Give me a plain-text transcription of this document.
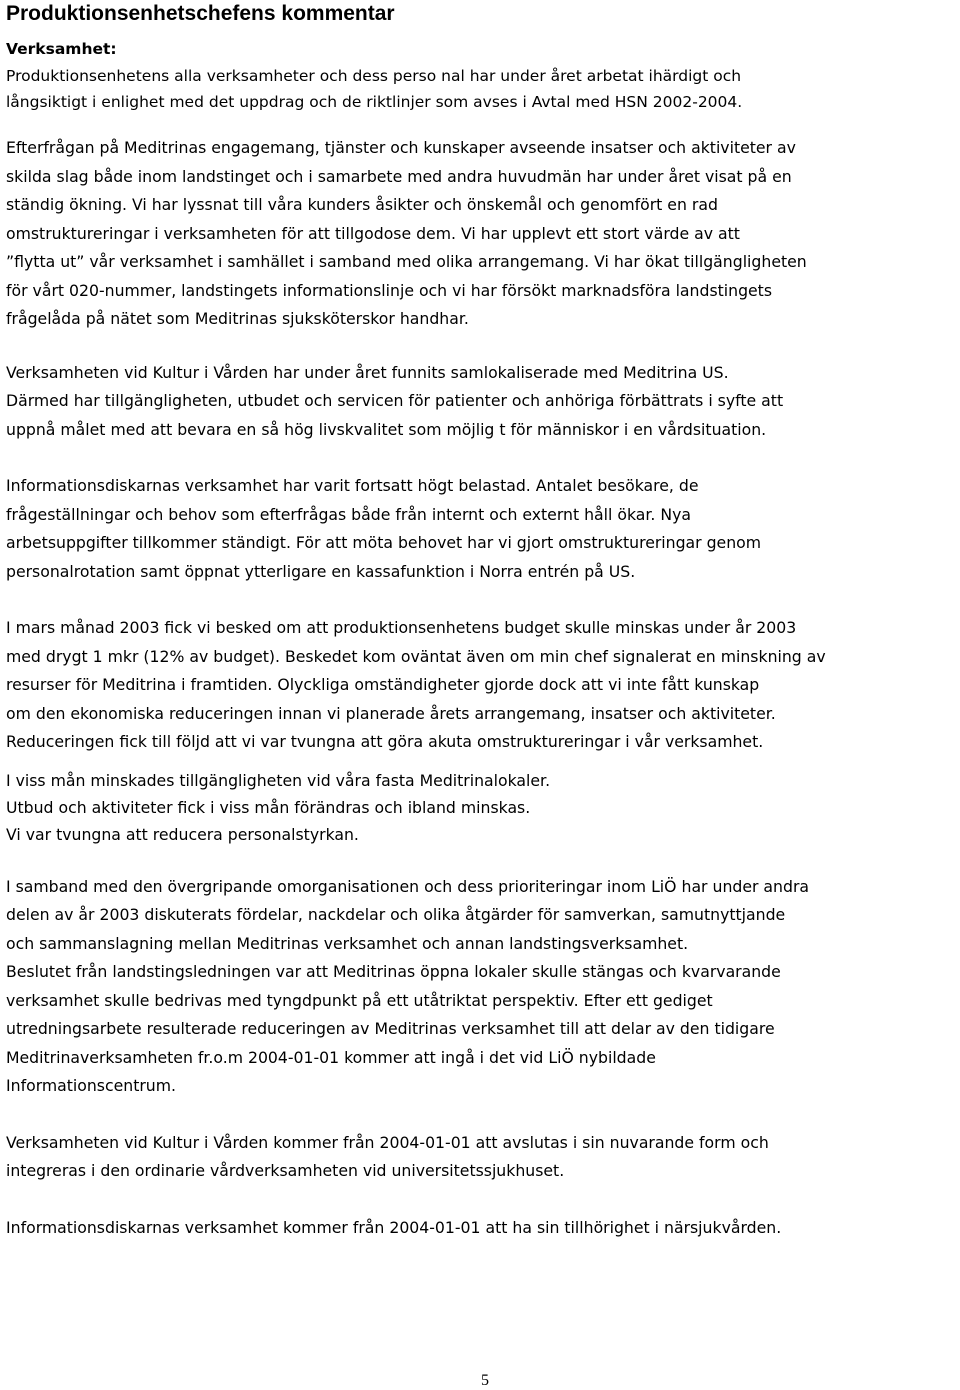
Produktionsenhetschefens kommentar
Verksamhet:
Produktionsenhetens alla verksamheter och dess perso nal har under året arbetat ihärdigt och
långsiktigt i enlighet med det uppdrag och de riktlinjer som avses i Avtal med HSN 2002-2004.
Efterfrågan på Meditrinas engagemang, tjänster och kunskaper avseende insatser och aktiviteter av
skilda slag både inom landstinget och i samarbete med andra huvudmän har under året visat på en
ständig ökning. Vi har lyssnat till våra kunders åsikter och önskemål och genomfört en rad
omstruktureringar i verksamheten för att tillgodose dem. Vi har upplevt ett stort värde av att
”flytta ut” vår verksamhet i samhället i samband med olika arrangemang. Vi har ökat tillgängligheten
för vårt 020-nummer, landstingets informationslinje och vi har försökt marknadsföra landstingets
frågelåda på nätet som Meditrinas sjuksköterskor handhar.
Verksamheten vid Kultur i Vården har under året funnits samlokaliserade med Meditrina US.
Därmed har tillgängligheten, utbudet och servicen för patienter och anhöriga förbättrats i syfte att
uppnå målet med att bevara en så hög livskvalitet som möjlig t för människor i en vårdsituation.
Informationsdiskarnas verksamhet har varit fortsatt högt belastad. Antalet besökare, de
frågeställningar och behov som efterfrågas både från internt och externt håll ökar. Nya
arbetsuppgifter tillkommer ständigt. För att möta behovet har vi gjort omstruktureringar genom
personalrotation samt öppnat ytterligare en kassafunktion i Norra entrén på US.
I mars månad 2003 fick vi besked om att produktionsenhetens budget skulle minskas under år 2003
med drygt 1 mkr (12% av budget). Beskedet kom oväntat även om min chef signalerat en minskning av
resurser för Meditrina i framtiden. Olyckliga omständigheter gjorde dock att vi inte fått kunskap
om den ekonomiska reduceringen innan vi planerade årets arrangemang, insatser och aktiviteter.
Reduceringen fick till följd att vi var tvungna att göra akuta omstruktureringar i vår verksamhet.
I viss mån minskades tillgängligheten vid våra fasta Meditrinalokaler.
Utbud och aktiviteter fick i viss mån förändras och ibland minskas.
Vi var tvungna att reducera personalstyrkan.
I samband med den övergripande omorganisationen och dess prioriteringar inom LiÖ har under andra
delen av år 2003 diskuterats fördelar, nackdelar och olika åtgärder för samverkan, samutnyttjande
och sammanslagning mellan Meditrinas verksamhet och annan landstingsverksamhet.
Beslutet från landstingsledningen var att Meditrinas öppna lokaler skulle stängas och kvarvarande
verksamhet skulle bedrivas med tyngdpunkt på ett utåtriktat perspektiv. Efter ett gediget
utredningsarbete resulterade reduceringen av Meditrinas verksamhet till att delar av den tidigare
Meditrinaverksamheten fr.o.m 2004-01-01 kommer att ingå i det vid LiÖ nybildade
Informationscentrum.
Verksamheten vid Kultur i Vården kommer från 2004-01-01 att avslutas i sin nuvarande form och
integreras i den ordinarie vårdverksamheten vid universitetssjukhuset.
Informationsdiskarnas verksamhet kommer från 2004-01-01 att ha sin tillhörighet i närsjukvården.
5
